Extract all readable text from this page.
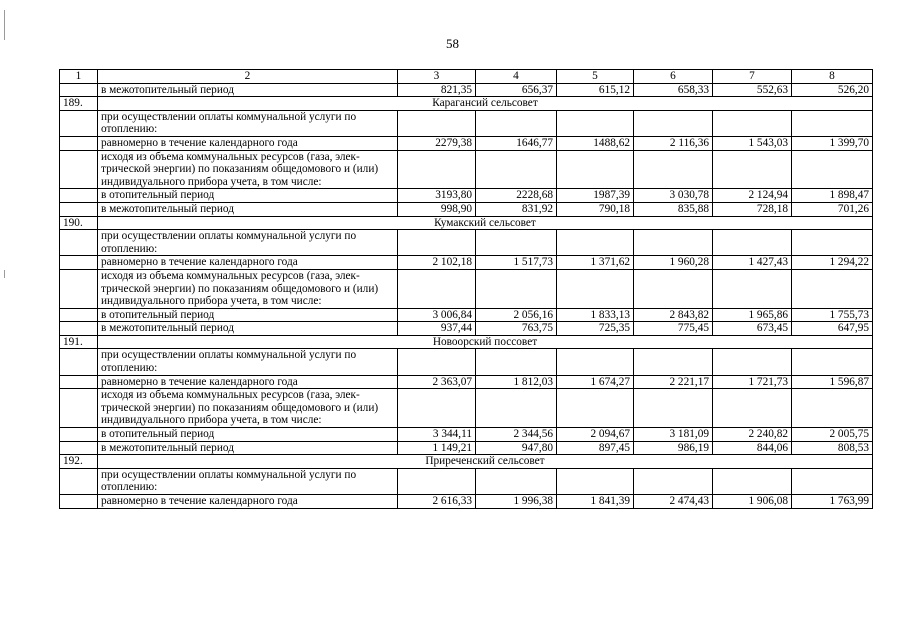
58
1	2	3	4	5	6	7	8
	в межотопительный период	821,35	656,37	615,12	658,33	552,63	526,20
189.	Карагансий сельсовет						
	при осуществлении оплаты коммунальной услуги по отоплению:						
	равномерно в течение календарного года	2279,38	1646,77	1488,62	2 116,36	1 543,03	1 399,70
	исходя из объема коммунальных ресурсов (газа, элек-трической энергии) по показаниям общедомового и (или) индивидуального прибора учета, в том числе:						
	в отопительный период	3193,80	2228,68	1987,39	3 030,78	2 124,94	1 898,47
	в межотопительный период	998,90	831,92	790,18	835,88	728,18	701,26
190.	Кумакский сельсовет						
	при осуществлении оплаты коммунальной услуги по отоплению:						
	равномерно в течение календарного года	2 102,18	1 517,73	1 371,62	1 960,28	1 427,43	1 294,22
	исходя из объема коммунальных ресурсов (газа, элек-трической энергии) по показаниям общедомового и (или) индивидуального прибора учета, в том числе:						
	в отопительный период	3 006,84	2 056,16	1 833,13	2 843,82	1 965,86	1 755,73
	в межотопительный период	937,44	763,75	725,35	775,45	673,45	647,95
191.	Новоорский поссовет						
	при осуществлении оплаты коммунальной услуги по отоплению:						
	равномерно в течение календарного года	2 363,07	1 812,03	1 674,27	2 221,17	1 721,73	1 596,87
	исходя из объема коммунальных ресурсов (газа, элек-трической энергии) по показаниям общедомового и (или) индивидуального прибора учета, в том числе:						
	в отопительный период	3 344,11	2 344,56	2 094,67	3 181,09	2 240,82	2 005,75
	в межотопительный период	1 149,21	947,80	897,45	986,19	844,06	808,53
192.	Приреченский сельсовет						
	при осуществлении оплаты коммунальной услуги по отоплению:						
	равномерно в течение календарного года	2 616,33	1 996,38	1 841,39	2 474,43	1 906,08	1 763,99
